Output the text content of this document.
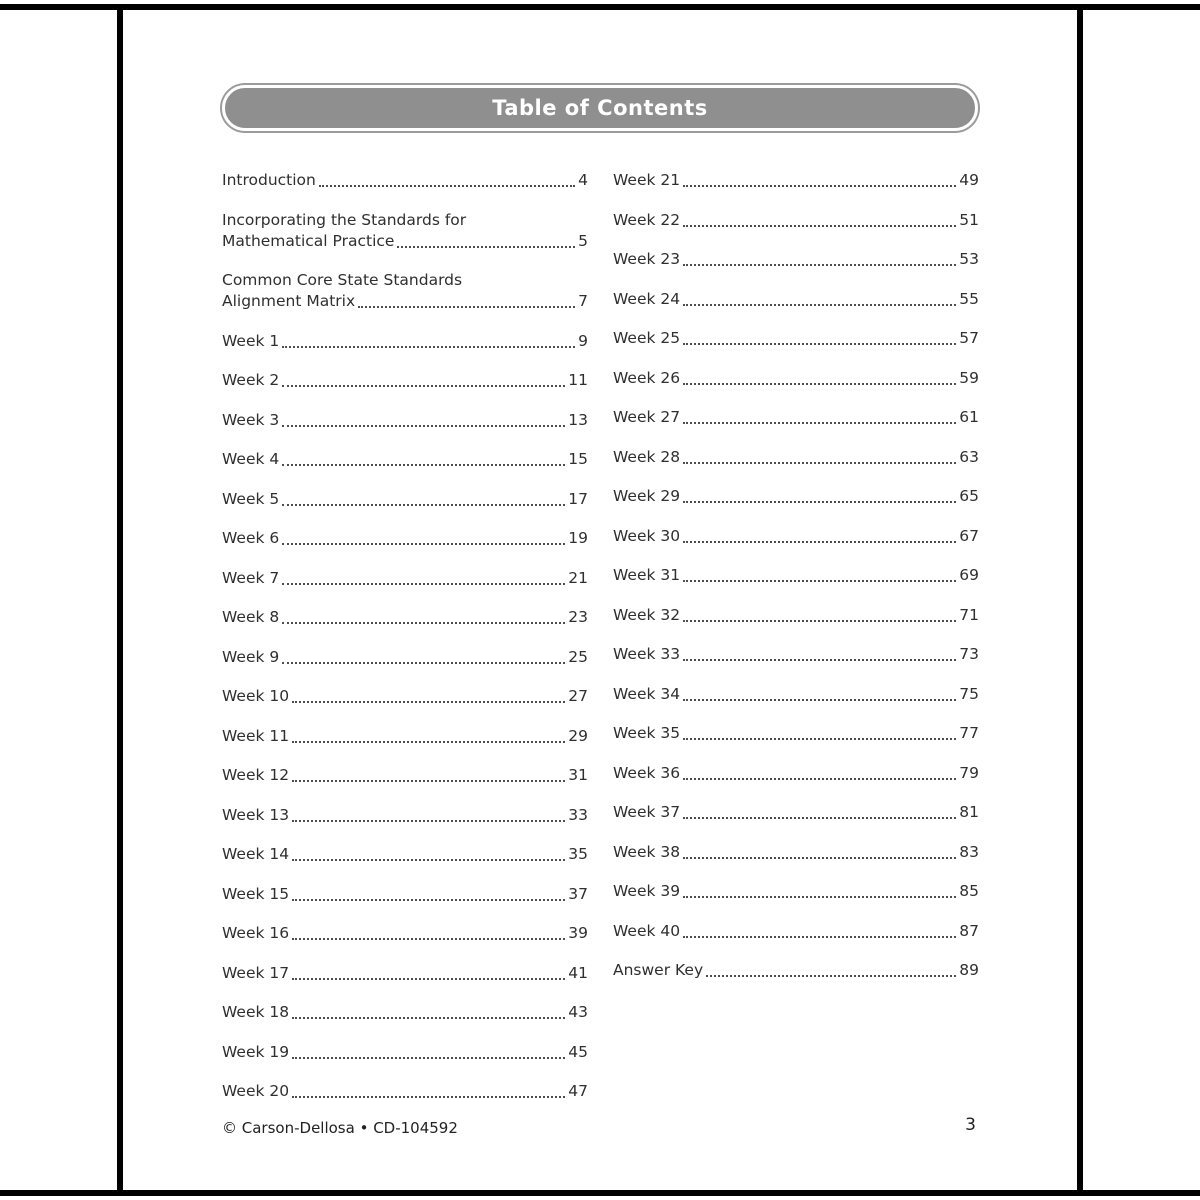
Table of Contents
Introduction	4
Incorporating the Standards for
Mathematical Practice	5
Common Core State Standards
Alignment Matrix	7
Week 1	9
Week 2	11
Week 3	13
Week 4	15
Week 5	17
Week 6	19
Week 7	21
Week 8	23
Week 9	25
Week 10	27
Week 11	29
Week 12	31
Week 13	33
Week 14	35
Week 15	37
Week 16	39
Week 17	41
Week 18	43
Week 19	45
Week 20	47
Week 21	49
Week 22	51
Week 23	53
Week 24	55
Week 25	57
Week 26	59
Week 27	61
Week 28	63
Week 29	65
Week 30	67
Week 31	69
Week 32	71
Week 33	73
Week 34	75
Week 35	77
Week 36	79
Week 37	81
Week 38	83
Week 39	85
Week 40	87
Answer Key	89
© Carson-Dellosa • CD-104592	3
